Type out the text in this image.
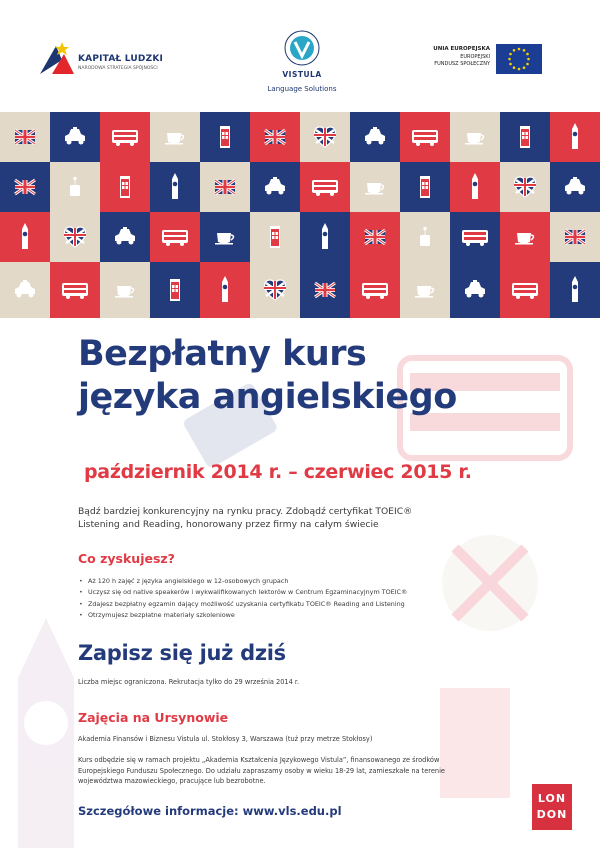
KAPITAŁ LUDZKI
NARODOWA STRATEGIA SPÓJNOŚCI
VISTULA
Language Solutions
UNIA EUROPEJSKA
EUROPEJSKI
FUNDUSZ SPOŁECZNY
Bezpłatny kurs
języka angielskiego
październik 2014 r. – czerwiec 2015 r.
Bądź bardziej konkurencyjny na rynku pracy. Zdobądź certyfikat TOEIC®
Listening and Reading, honorowany przez firmy na całym świecie
Co zyskujesz?
• Aż 120 h zajęć z języka angielskiego w 12-osobowych grupach
• Uczysz się od native speakerów i wykwalifikowanych lektorów w Centrum Egzaminacyjnym TOEIC®
• Zdajesz bezpłatny egzamin dający możliwość uzyskania certyfikatu TOEIC® Reading and Listening
• Otrzymujesz bezpłatne materiały szkoleniowe
Zapisz się już dziś
Liczba miejsc ograniczona. Rekrutacja tylko do 29 września 2014 r.
Zajęcia na Ursynowie
Akademia Finansów i Biznesu Vistula ul. Stokłosy 3, Warszawa (tuż przy metrze Stokłosy)
Kurs odbędzie się w ramach projektu „Akademia Kształcenia Językowego Vistula”, finansowanego ze środków Europejskiego Funduszu Społecznego. Do udziału zapraszamy osoby w wieku 18-29 lat, zamieszkałe na terenie województwa mazowieckiego, pracujące lub bezrobotne.
Szczegółowe informacje: www.vls.edu.pl
LON
DON
